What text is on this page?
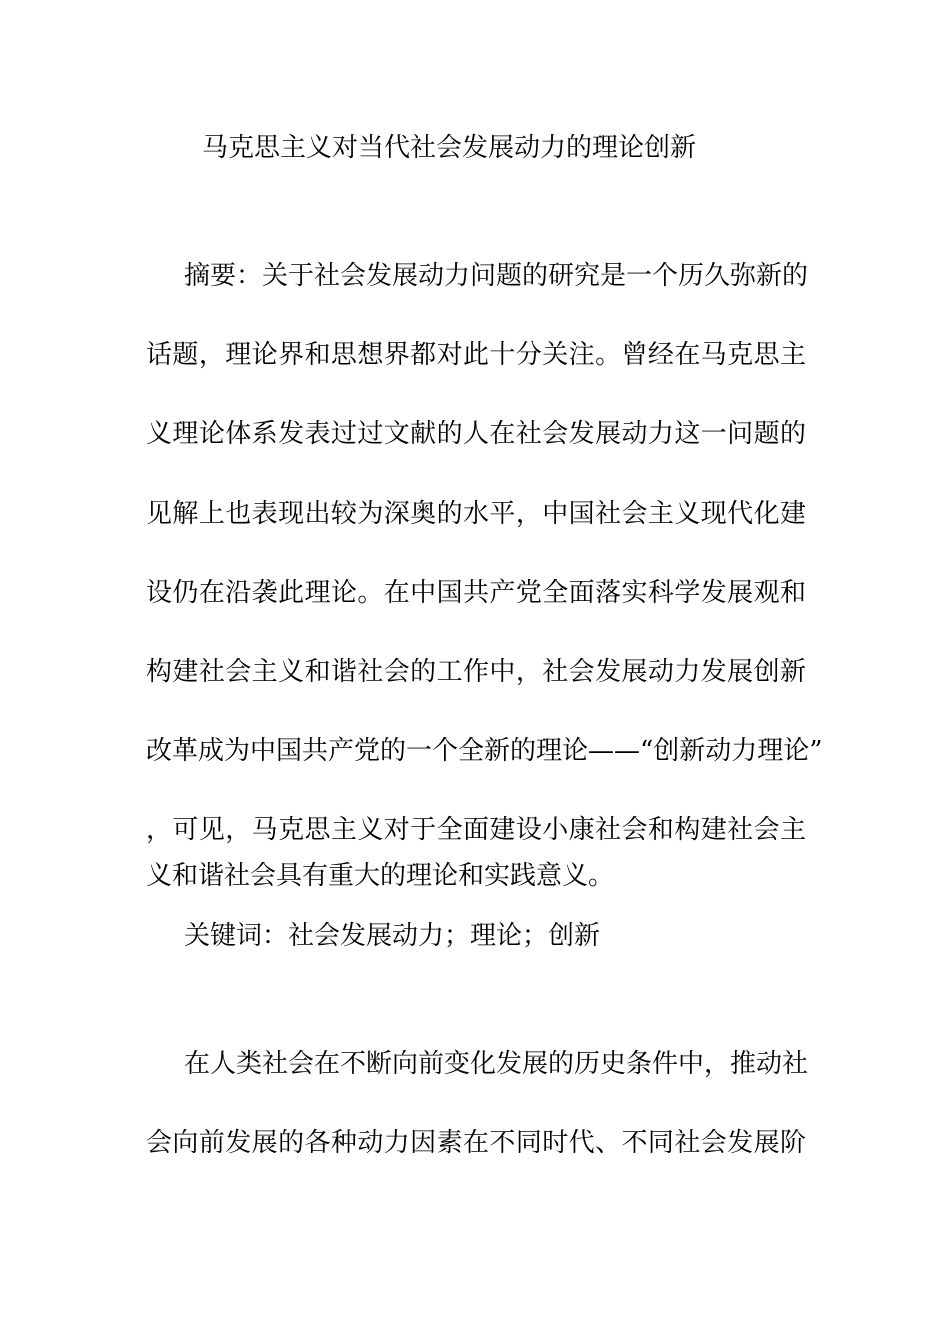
马克思主义对当代社会发展动力的理论创新
摘要：关于社会发展动力问题的研究是一个历久弥新的
话题，理论界和思想界都对此十分关注。曾经在马克思主
义理论体系发表过过文献的人在社会发展动力这一问题的
见解上也表现出较为深奥的水平，中国社会主义现代化建
设仍在沿袭此理论。在中国共产党全面落实科学发展观和
构建社会主义和谐社会的工作中，社会发展动力发展创新
改革成为中国共产党的一个全新的理论——“创新动力理论”
，可见，马克思主义对于全面建设小康社会和构建社会主
义和谐社会具有重大的理论和实践意义。
关键词：社会发展动力；理论；创新
在人类社会在不断向前变化发展的历史条件中，推动社
会向前发展的各种动力因素在不同时代、不同社会发展阶
